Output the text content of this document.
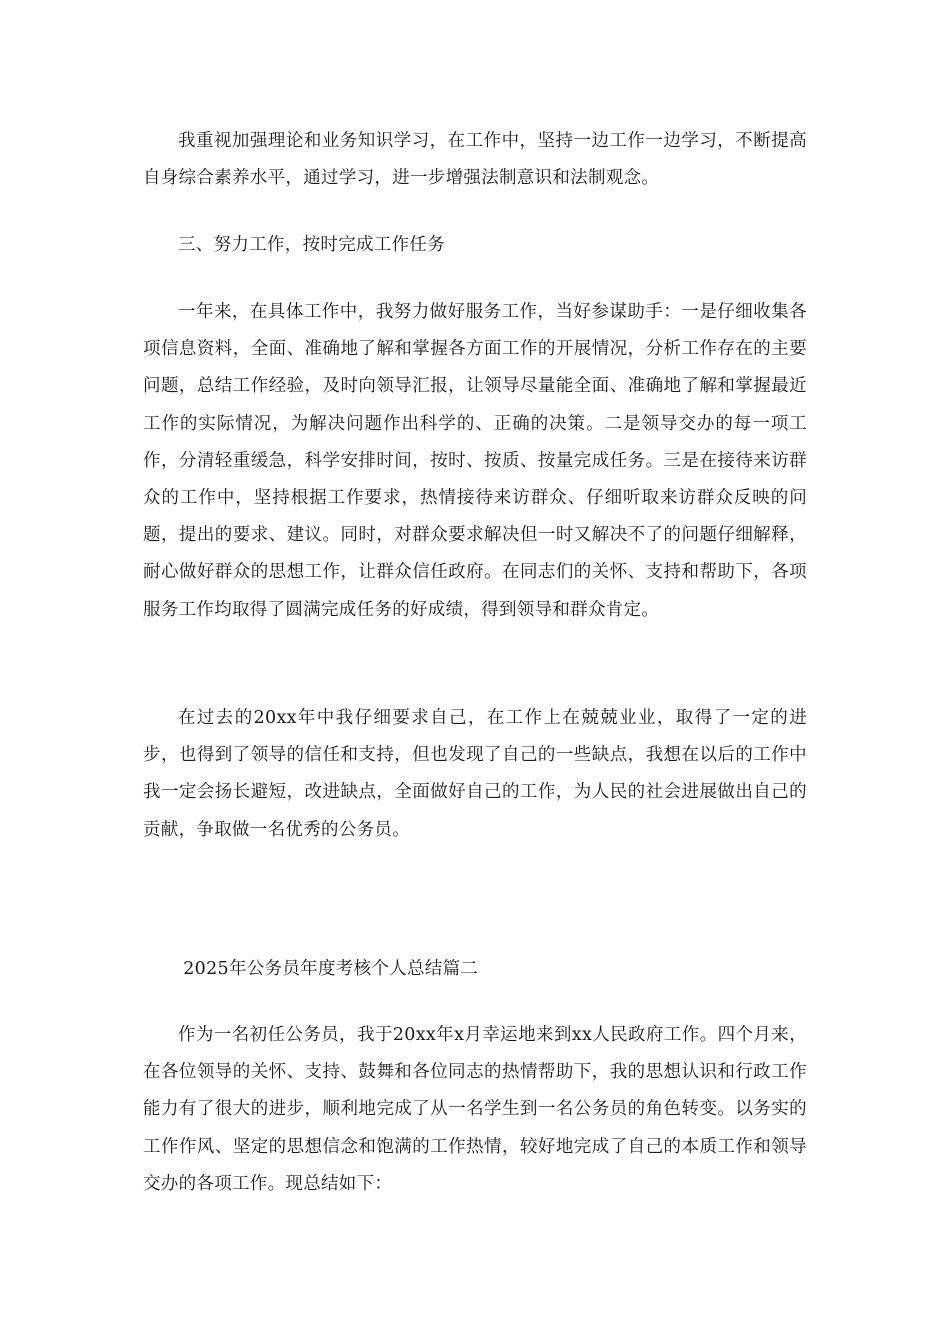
我重视加强理论和业务知识学习，在工作中，坚持一边工作一边学习，不断提高自身综合素养水平，通过学习，进一步增强法制意识和法制观念。

三、努力工作，按时完成工作任务

一年来，在具体工作中，我努力做好服务工作，当好参谋助手：一是仔细收集各项信息资料，全面、准确地了解和掌握各方面工作的开展情况，分析工作存在的主要问题，总结工作经验，及时向领导汇报，让领导尽量能全面、准确地了解和掌握最近工作的实际情况，为解决问题作出科学的、正确的决策。二是领导交办的每一项工作，分清轻重缓急，科学安排时间，按时、按质、按量完成任务。三是在接待来访群众的工作中，坚持根据工作要求，热情接待来访群众、仔细听取来访群众反映的问题，提出的要求、建议。同时，对群众要求解决但一时又解决不了的问题仔细解释，耐心做好群众的思想工作，让群众信任政府。在同志们的关怀、支持和帮助下，各项服务工作均取得了圆满完成任务的好成绩，得到领导和群众肯定。

在过去的20xx年中我仔细要求自己，在工作上在兢兢业业，取得了一定的进步，也得到了领导的信任和支持，但也发现了自己的一些缺点，我想在以后的工作中我一定会扬长避短，改进缺点，全面做好自己的工作，为人民的社会进展做出自己的贡献，争取做一名优秀的公务员。

2025年公务员年度考核个人总结篇二

作为一名初任公务员，我于20xx年x月幸运地来到xx人民政府工作。四个月来，在各位领导的关怀、支持、鼓舞和各位同志的热情帮助下，我的思想认识和行政工作能力有了很大的进步，顺利地完成了从一名学生到一名公务员的角色转变。以务实的工作作风、坚定的思想信念和饱满的工作热情，较好地完成了自己的本质工作和领导交办的各项工作。现总结如下：
